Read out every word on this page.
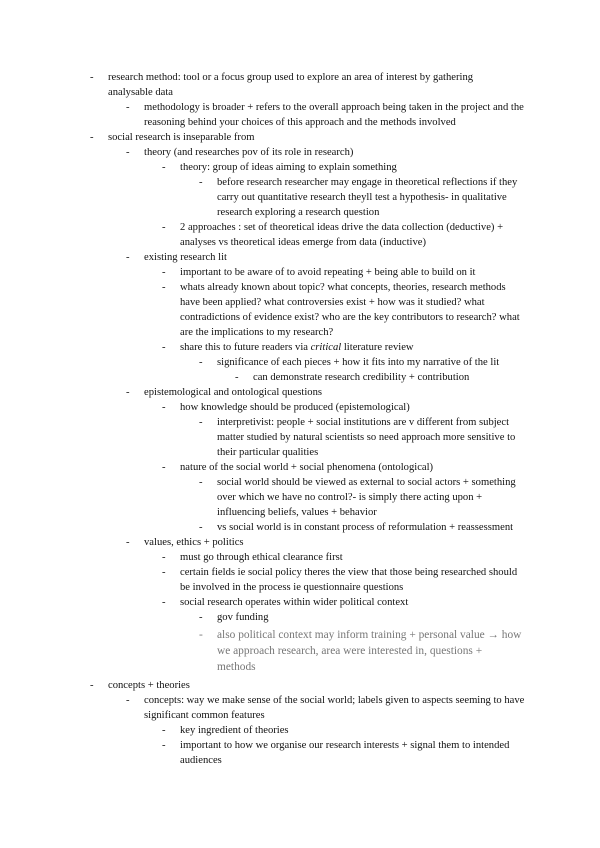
- research method: tool or a focus group used to explore an area of interest by gathering analysable data
- methodology is broader + refers to the overall approach being taken in the project and the reasoning behind your choices of this approach and the methods involved
- social research is inseparable from
- theory (and researches pov of its role in research)
- theory: group of ideas aiming to explain something
- before research researcher may engage in theoretical reflections if they carry out quantitative research theyll test a hypothesis- in qualitative research exploring a research question
- 2 approaches : set of theoretical ideas drive the data collection (deductive) + analyses vs theoretical ideas emerge from data (inductive)
- existing research lit
- important to be aware of to avoid repeating + being able to build on it
- whats already known about topic? what concepts, theories, research methods have been applied? what controversies exist + how was it studied? what contradictions of evidence exist? who are the key contributors to research? what are the implications to my research?
- share this to future readers via critical literature review
- significance of each pieces + how it fits into my narrative of the lit
- can demonstrate research credibility + contribution
- epistemological and ontological questions
- how knowledge should be produced (epistemological)
- interpretivist: people + social institutions are v different from subject matter studied by natural scientists so need approach more sensitive to their particular qualities
- nature of the social world + social phenomena (ontological)
- social world should be viewed as external to social actors + something over which we have no control?- is simply there acting upon + influencing beliefs, values + behavior
- vs social world is in constant process of reformulation + reassessment
- values, ethics + politics
- must go through ethical clearance first
- certain fields ie social policy theres the view that those being researched should be involved in the process ie questionnaire questions
- social research operates within wider political context
- gov funding
- also political context may inform training + personal value → how we approach research, area were interested in, questions + methods
- concepts + theories
- concepts: way we make sense of the social world; labels given to aspects seeming to have significant common features
- key ingredient of theories
- important to how we organise our research interests + signal them to intended audiences
